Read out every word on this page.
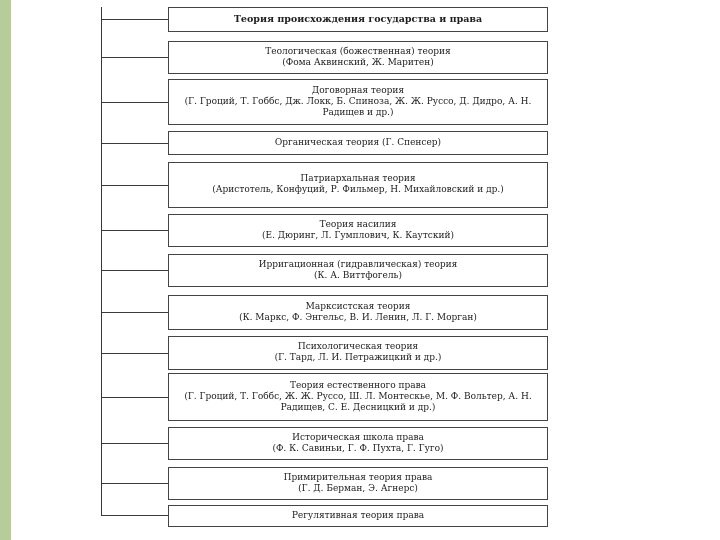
Теория происхождения государства и права
Теологическая (божественная) теория
(Фома Аквинский, Ж. Маритен)
Договорная теория
(Г. Гроций, Т. Гоббс, Дж. Локк, Б. Спиноза, Ж. Ж. Руссо, Д. Дидро, А. Н. Радищев и др.)
Органическая теория (Г. Спенсер)
Патриархальная теория
(Аристотель, Конфуций, Р. Фильмер, Н. Михайловский и др.)
Теория насилия
(Е. Дюринг, Л. Гумплович, К. Каутский)
Ирригационная (гидравлическая) теория
(К. А. Виттфогель)
Марксистская теория
(К. Маркс, Ф. Энгельс, В. И. Ленин, Л. Г. Морган)
Психологическая теория
(Г. Тард, Л. И. Петражицкий и др.)
Теория естественного права
(Г. Гроций, Т. Гоббс, Ж. Ж. Руссо, Ш. Л. Монтескье, М. Ф. Вольтер, А. Н. Радищев, С. Е. Десницкий и др.)
Историческая школа права
(Ф. К. Савиньи, Г. Ф. Пухта, Г. Гуго)
Примирительная теория права
(Г. Д. Берман, Э. Агнерс)
Регулятивная теория права
